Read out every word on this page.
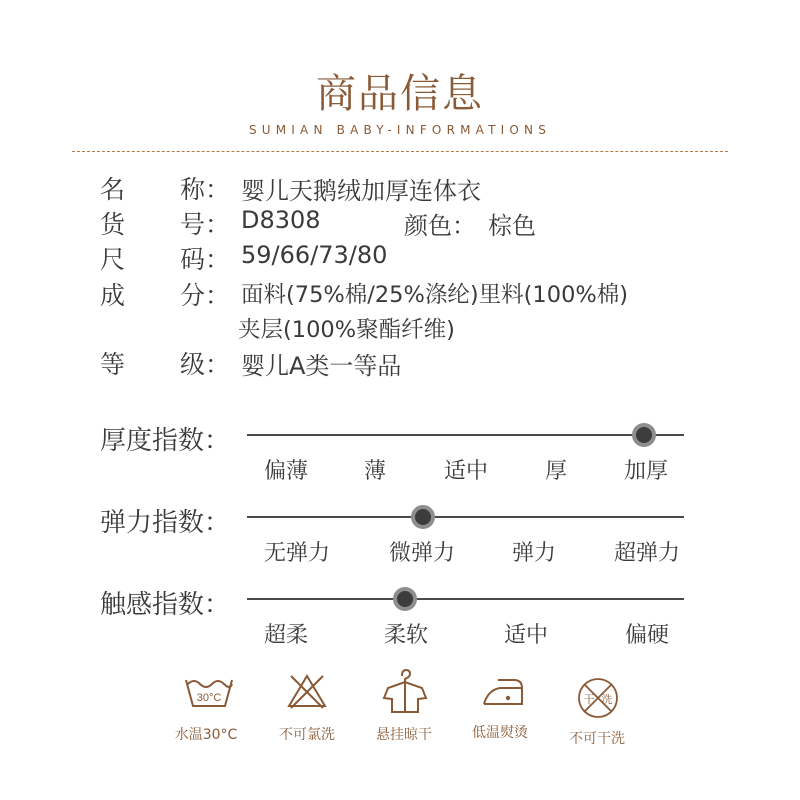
商品信息
SUMIAN BABY-INFORMATIONS
名 称： 婴儿天鹅绒加厚连体衣
货 号： D8308	颜色： 棕色
尺 码： 59/66/73/80
成 分： 面料(75%棉/25%涤纶)里料(100%棉)
夹层(100%聚酯纤维)
等 级： 婴儿A类一等品
厚度指数：
偏薄	薄	适中	厚	加厚
弹力指数：
无弹力	微弹力	弹力	超弹力
触感指数：
超柔	柔软	适中	偏硬
30°C
水温30°C	不可氯洗	悬挂晾干	低温熨烫
干 洗
不可干洗
